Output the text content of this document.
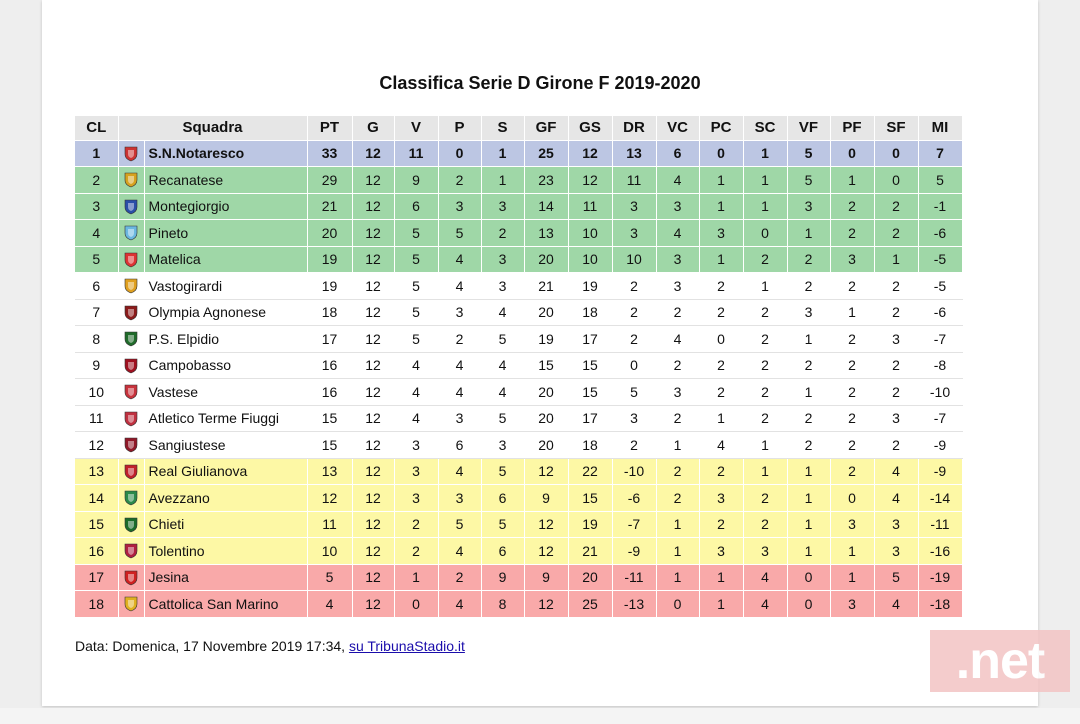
Classifica Serie D Girone F 2019-2020
CL	Squadra		PT	G	V	P	S	GF	GS	DR	VC	PC	SC	VF	PF	SF	MI
1		S.N.Notaresco	33	12	11	0	1	25	12	13	6	0	1	5	0	0	7
2		Recanatese	29	12	9	2	1	23	12	11	4	1	1	5	1	0	5
3		Montegiorgio	21	12	6	3	3	14	11	3	3	1	1	3	2	2	-1
4		Pineto	20	12	5	5	2	13	10	3	4	3	0	1	2	2	-6
5		Matelica	19	12	5	4	3	20	10	10	3	1	2	2	3	1	-5
6		Vastogirardi	19	12	5	4	3	21	19	2	3	2	1	2	2	2	-5
7		Olympia Agnonese	18	12	5	3	4	20	18	2	2	2	2	3	1	2	-6
8		P.S. Elpidio	17	12	5	2	5	19	17	2	4	0	2	1	2	3	-7
9		Campobasso	16	12	4	4	4	15	15	0	2	2	2	2	2	2	-8
10		Vastese	16	12	4	4	4	20	15	5	3	2	2	1	2	2	-10
11		Atletico Terme Fiuggi	15	12	4	3	5	20	17	3	2	1	2	2	2	3	-7
12		Sangiustese	15	12	3	6	3	20	18	2	1	4	1	2	2	2	-9
13		Real Giulianova	13	12	3	4	5	12	22	-10	2	2	1	1	2	4	-9
14		Avezzano	12	12	3	3	6	9	15	-6	2	3	2	1	0	4	-14
15		Chieti	11	12	2	5	5	12	19	-7	1	2	2	1	3	3	-11
16		Tolentino	10	12	2	4	6	12	21	-9	1	3	3	1	1	3	-16
17		Jesina	5	12	1	2	9	9	20	-11	1	1	4	0	1	5	-19
18		Cattolica San Marino	4	12	0	4	8	12	25	-13	0	1	4	0	3	4	-18
Data: Domenica, 17 Novembre 2019 17:34, su TribunaStadio.it	.net
